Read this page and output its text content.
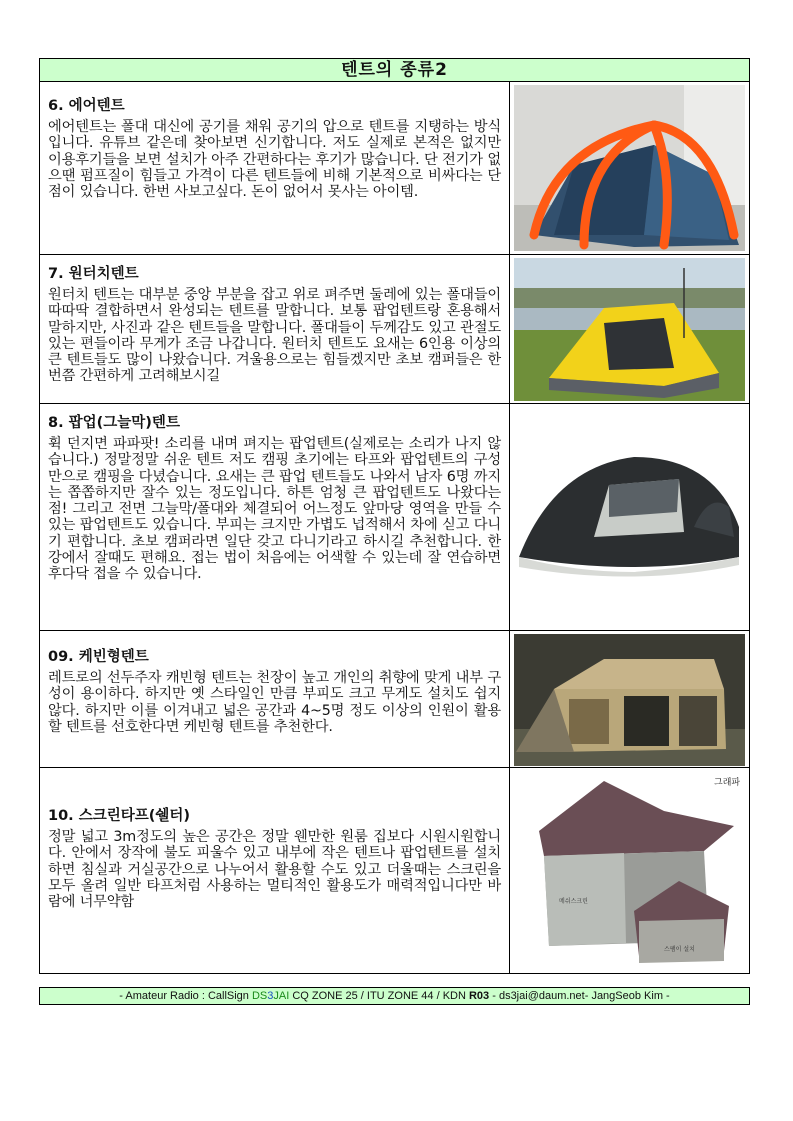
텐트의 종류2
6. 에어텐트
에어텐트는 폴대 대신에 공기를 채워 공기의 압으로 텐트를 지탱하는 방식입니다. 유튜브 같은데 찾아보면 신기합니다. 저도 실제로 본적은 없지만 이용후기들을 보면 설치가 아주 간편하다는 후기가 많습니다. 단 전기가 없으땐 펌프질이 힘들고 가격이 다른 텐트들에 비해 기본적으로 비싸다는 단점이 있습니다. 한번 사보고싶다. 돈이 없어서 못사는 아이템.
7. 원터치텐트
원터치 텐트는 대부분 중앙 부분을 잡고 위로 펴주면 둘레에 있는 폴대들이 따따딱 결합하면서 완성되는 텐트를 말합니다. 보통 팝업텐트랑 혼용해서 말하지만, 사진과 같은 텐트들을 말합니다. 폴대들이 두께감도 있고 관절도 있는 편들이라 무게가 조금 나갑니다. 원터치 텐트도 요새는 6인용 이상의 큰 텐트들도 많이 나왔습니다. 겨울용으로는 힘들겠지만 초보 캠퍼들은 한번쯤 간편하게 고려해보시길
8. 팝업(그늘막)텐트
휙 던지면 파파팟! 소리를 내며 펴지는 팝업텐트(실제로는 소리가 나지 않습니다.) 정말정말 쉬운 텐트 저도 캠핑 초기에는 타프와 팝업텐트의 구성만으로 캠핑을 다녔습니다. 요새는 큰 팝업 텐트들도 나와서 남자 6명 까지는 쫍쫍하지만 잘수 있는 정도입니다. 하튼 엄청 큰 팝업텐트도 나왔다는 점! 그리고 전면 그늘막/폴대와 체결되어 어느정도 앞마당 영역을 만들 수 있는 팝업텐트도 있습니다. 부피는 크지만 가볍도 넙적해서 차에 싣고 다니기 편합니다. 초보 캠퍼라면 일단 갖고 다니기라고 하시길 추천합니다. 한강에서 잘때도 편해요. 접는 법이 처음에는 어색할 수 있는데 잘 연습하면 후다닥 접을 수 있습니다.
09. 케빈형텐트
레트로의 선두주자 캐빈형 텐트는 천장이 높고 개인의 취향에 맞게 내부 구성이 용이하다. 하지만 옛 스타일인 만큼 부피도 크고 무게도 설치도 쉽지 않다. 하지만 이를 이겨내고 넓은 공간과 4~5명 정도 이상의 인원이 활용할 텐트를 선호한다면 케빈형 텐트를 추천한다.
10. 스크린타프(쉘터)
정말 넓고 3m정도의 높은 공간은 정말 웬만한 원룸 집보다 시원시원합니다. 안에서 장작에 불도 피울수 있고 내부에 작은 텐트나 팝업텐트를 설치하면 침실과 거실공간으로 나누어서 활용할 수도 있고 더울때는 스크린을 모두 올려 일반 타프처럼 사용하는 멀티적인 활용도가 매력적입니다만 바람에 너무약함
그래파
메쉬스크린
스팸이 설치
- Amateur Radio : CallSign DS3JAI CQ ZONE 25 / ITU ZONE 44 / KDN R03 - ds3jai@daum.net- JangSeob Kim -
